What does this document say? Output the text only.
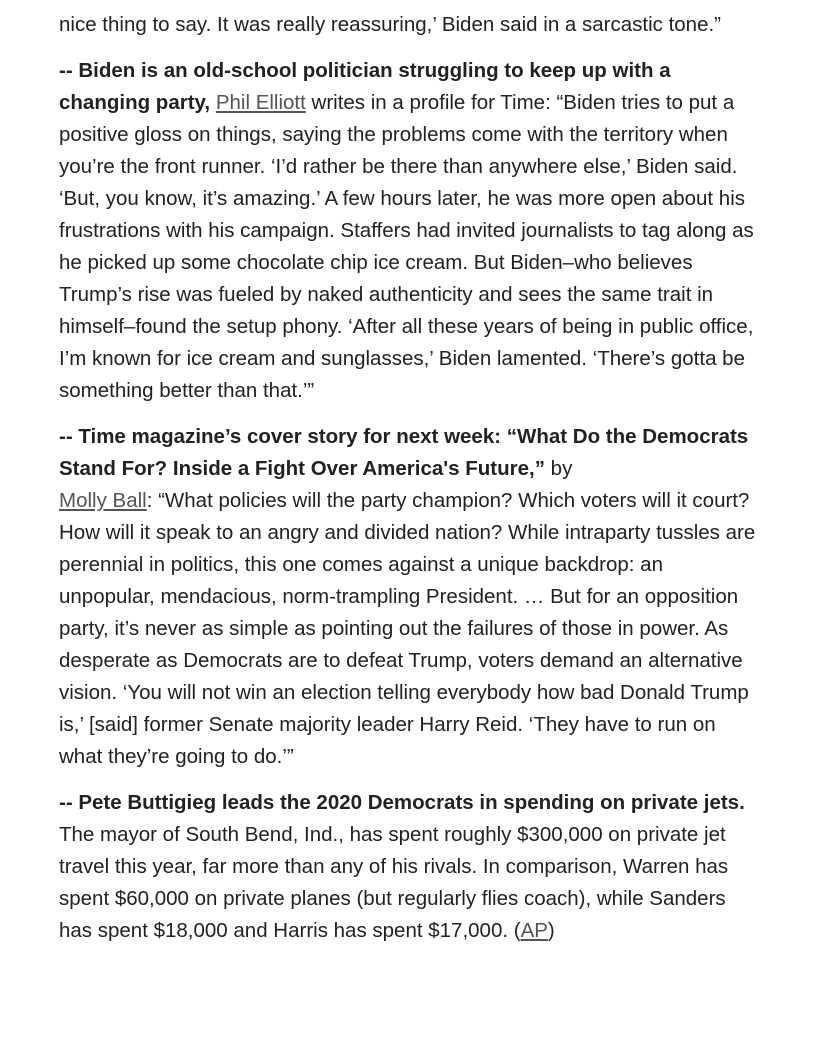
nice thing to say. It was really reassuring,’ Biden said in a sarcastic tone.”

-- Biden is an old-school politician struggling to keep up with a changing party, Phil Elliott writes in a profile for Time: “Biden tries to put a positive gloss on things, saying the problems come with the territory when you’re the front runner. ‘I’d rather be there than anywhere else,’ Biden said. ‘But, you know, it’s amazing.’ A few hours later, he was more open about his frustrations with his campaign. Staffers had invited journalists to tag along as he picked up some chocolate chip ice cream. But Biden–who believes Trump’s rise was fueled by naked authenticity and sees the same trait in himself–found the setup phony. ‘After all these years of being in public office, I’m known for ice cream and sunglasses,’ Biden lamented. ‘There’s gotta be something better than that.’”

-- Time magazine’s cover story for next week: “What Do the Democrats Stand For? Inside a Fight Over America's Future,” by
Molly Ball: “What policies will the party champion? Which voters will it court? How will it speak to an angry and divided nation? While intraparty tussles are perennial in politics, this one comes against a unique backdrop: an unpopular, mendacious, norm-trampling President. … But for an opposition party, it’s never as simple as pointing out the failures of those in power. As desperate as Democrats are to defeat Trump, voters demand an alternative vision. ‘You will not win an election telling everybody how bad Donald Trump is,’ [said] former Senate majority leader Harry Reid. ‘They have to run on what they’re going to do.’”

-- Pete Buttigieg leads the 2020 Democrats in spending on private jets. The mayor of South Bend, Ind., has spent roughly $300,000 on private jet travel this year, far more than any of his rivals. In comparison, Warren has spent $60,000 on private planes (but regularly flies coach), while Sanders has spent $18,000 and Harris has spent $17,000. (AP)
